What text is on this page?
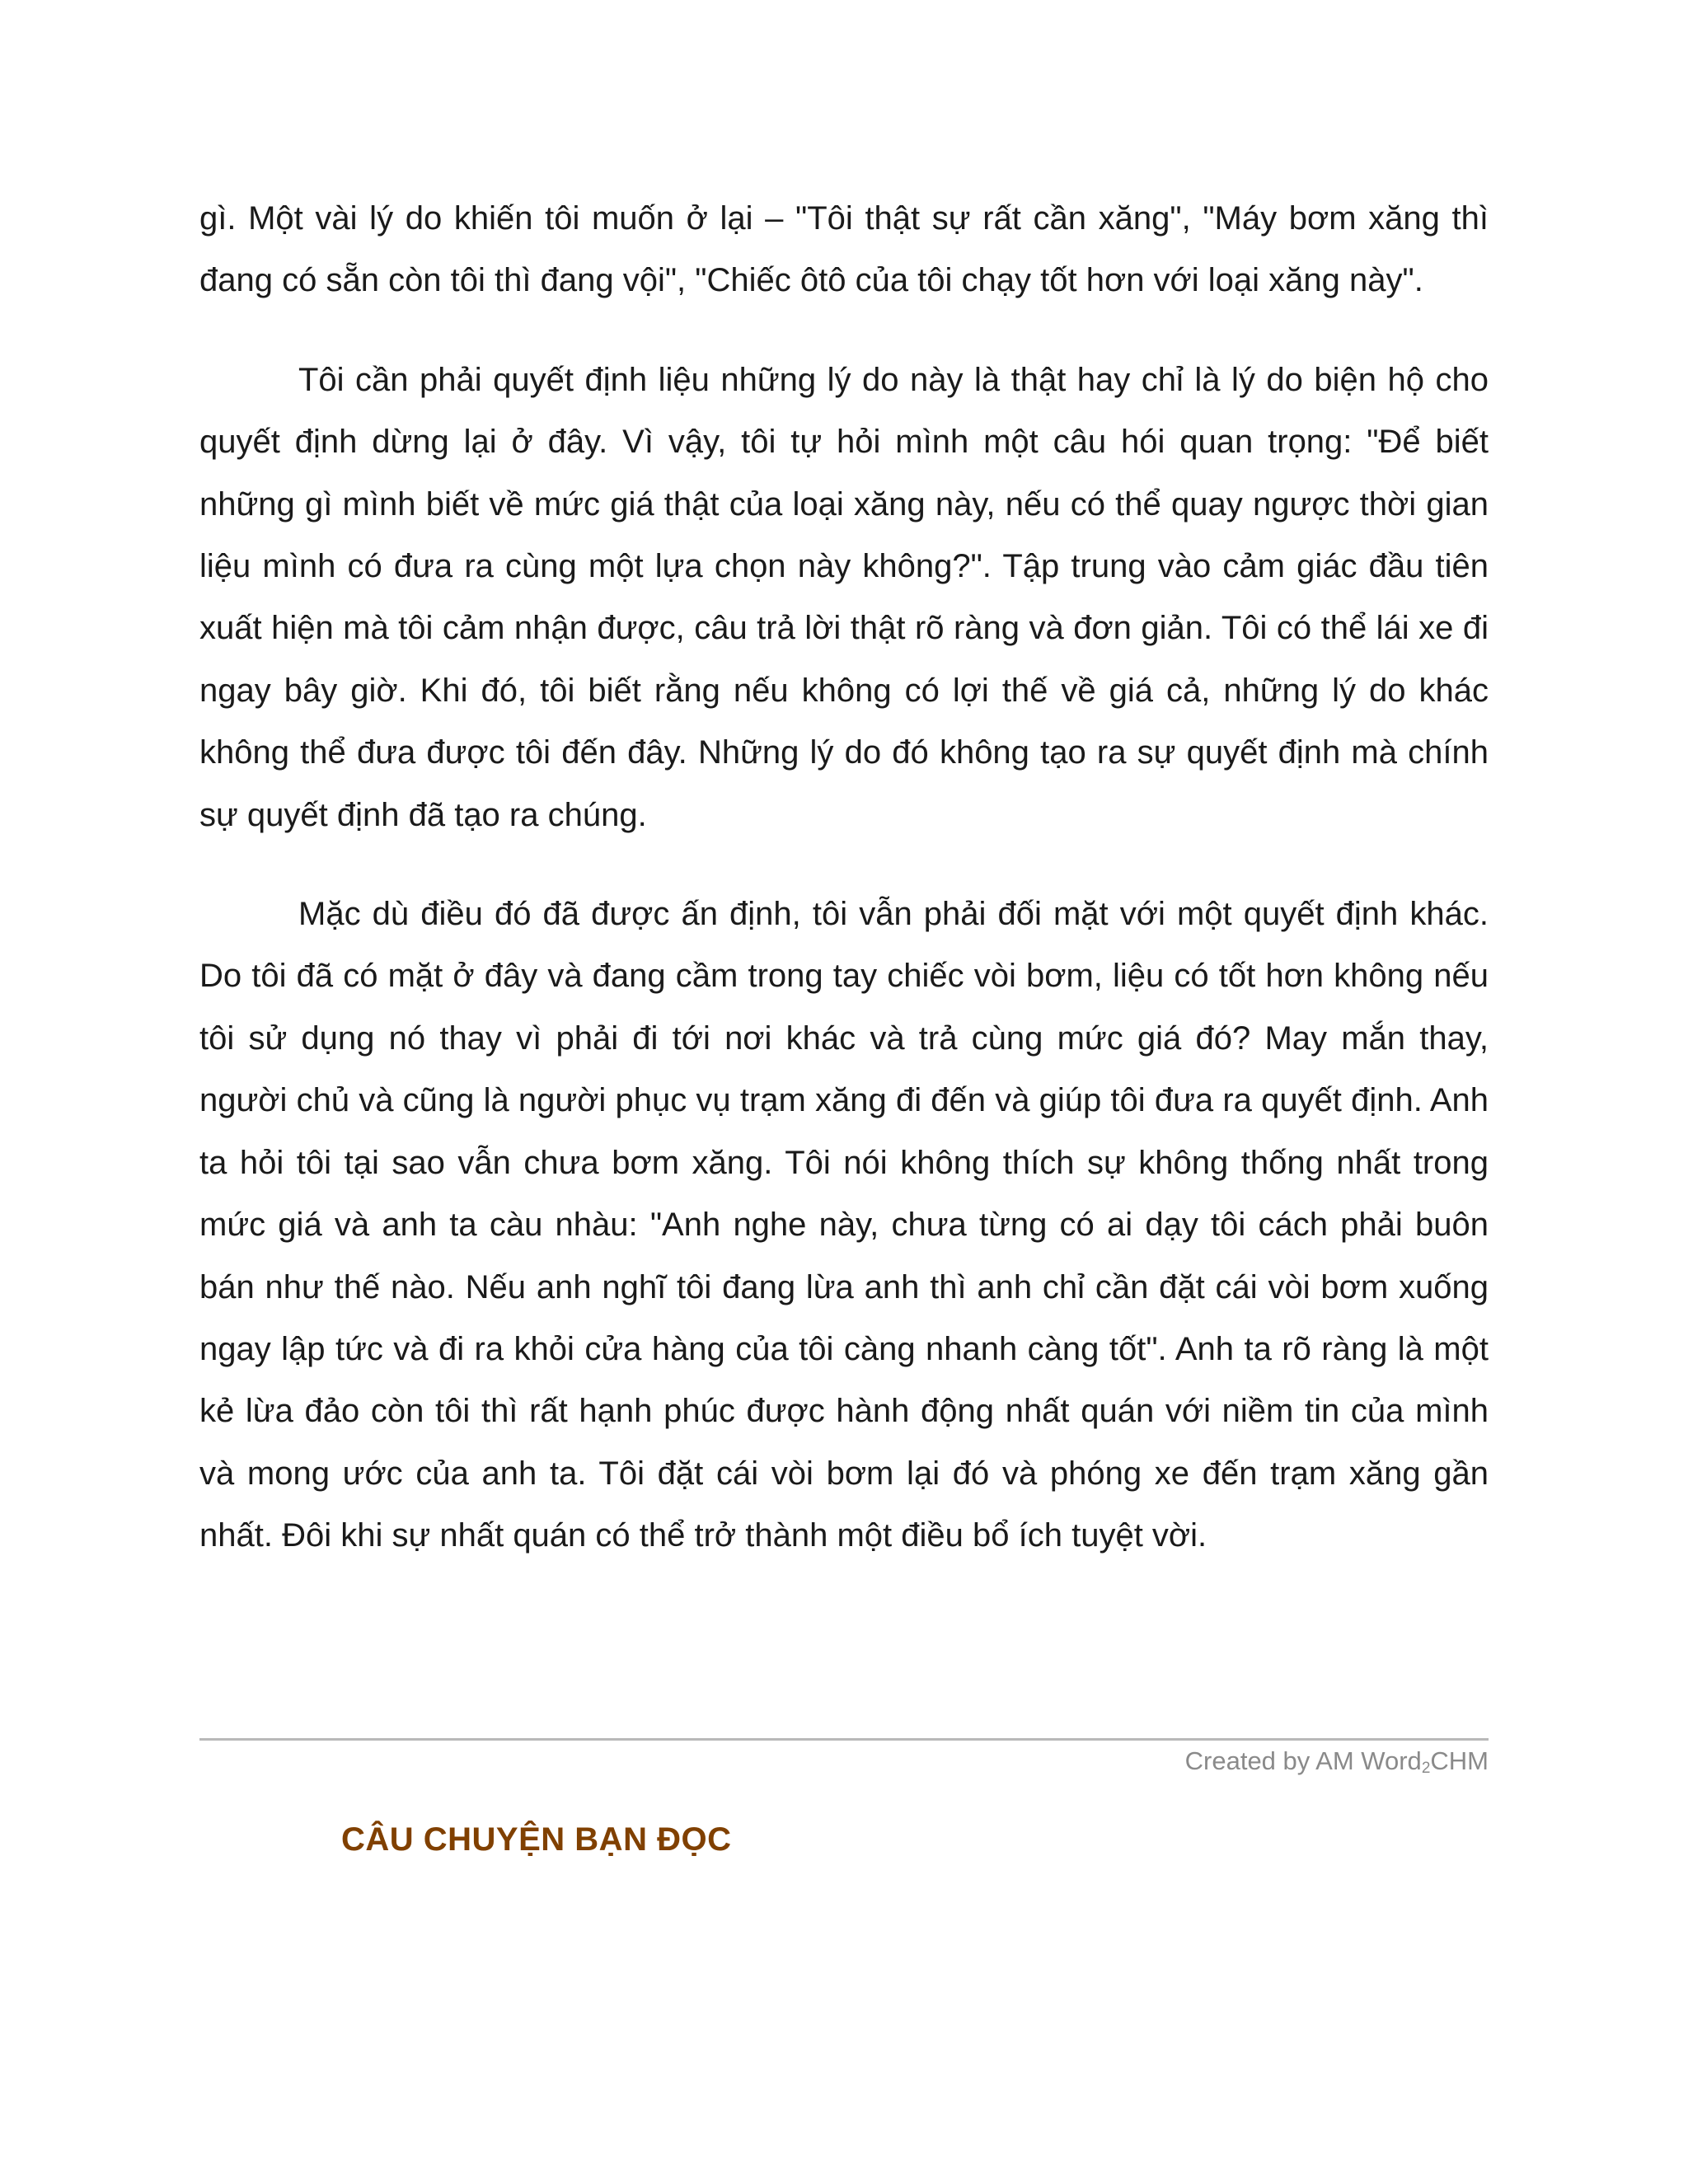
gì. Một vài lý do khiến tôi muốn ở lại – "Tôi thật sự rất cần xăng", "Máy bơm xăng thì đang có sẵn còn tôi thì đang vội", "Chiếc ôtô của tôi chạy tốt hơn với loại xăng này".

Tôi cần phải quyết định liệu những lý do này là thật hay chỉ là lý do biện hộ cho quyết định dừng lại ở đây. Vì vậy, tôi tự hỏi mình một câu hói quan trọng: "Để biết những gì mình biết về mức giá thật của loại xăng này, nếu có thể quay ngược thời gian liệu mình có đưa ra cùng một lựa chọn này không?". Tập trung vào cảm giác đầu tiên xuất hiện mà tôi cảm nhận được, câu trả lời thật rõ ràng và đơn giản. Tôi có thể lái xe đi ngay bây giờ. Khi đó, tôi biết rằng nếu không có lợi thế về giá cả, những lý do khác không thể đưa được tôi đến đây. Những lý do đó không tạo ra sự quyết định mà chính sự quyết định đã tạo ra chúng.

Mặc dù điều đó đã được ấn định, tôi vẫn phải đối mặt với một quyết định khác. Do tôi đã có mặt ở đây và đang cầm trong tay chiếc vòi bơm, liệu có tốt hơn không nếu tôi sử dụng nó thay vì phải đi tới nơi khác và trả cùng mức giá đó? May mắn thay, người chủ và cũng là người phục vụ trạm xăng đi đến và giúp tôi đưa ra quyết định. Anh ta hỏi tôi tại sao vẫn chưa bơm xăng. Tôi nói không thích sự không thống nhất trong mức giá và anh ta càu nhàu: "Anh nghe này, chưa từng có ai dạy tôi cách phải buôn bán như thế nào. Nếu anh nghĩ tôi đang lừa anh thì anh chỉ cần đặt cái vòi bơm xuống ngay lập tức và đi ra khỏi cửa hàng của tôi càng nhanh càng tốt". Anh ta rõ ràng là một kẻ lừa đảo còn tôi thì rất hạnh phúc được hành động nhất quán với niềm tin của mình và mong ước của anh ta. Tôi đặt cái vòi bơm lại đó và phóng xe đến trạm xăng gần nhất. Đôi khi sự nhất quán có thể trở thành một điều bổ ích tuyệt vời.

Created by AM Word$_2$CHM
CÂU CHUYỆN BẠN ĐỌC
